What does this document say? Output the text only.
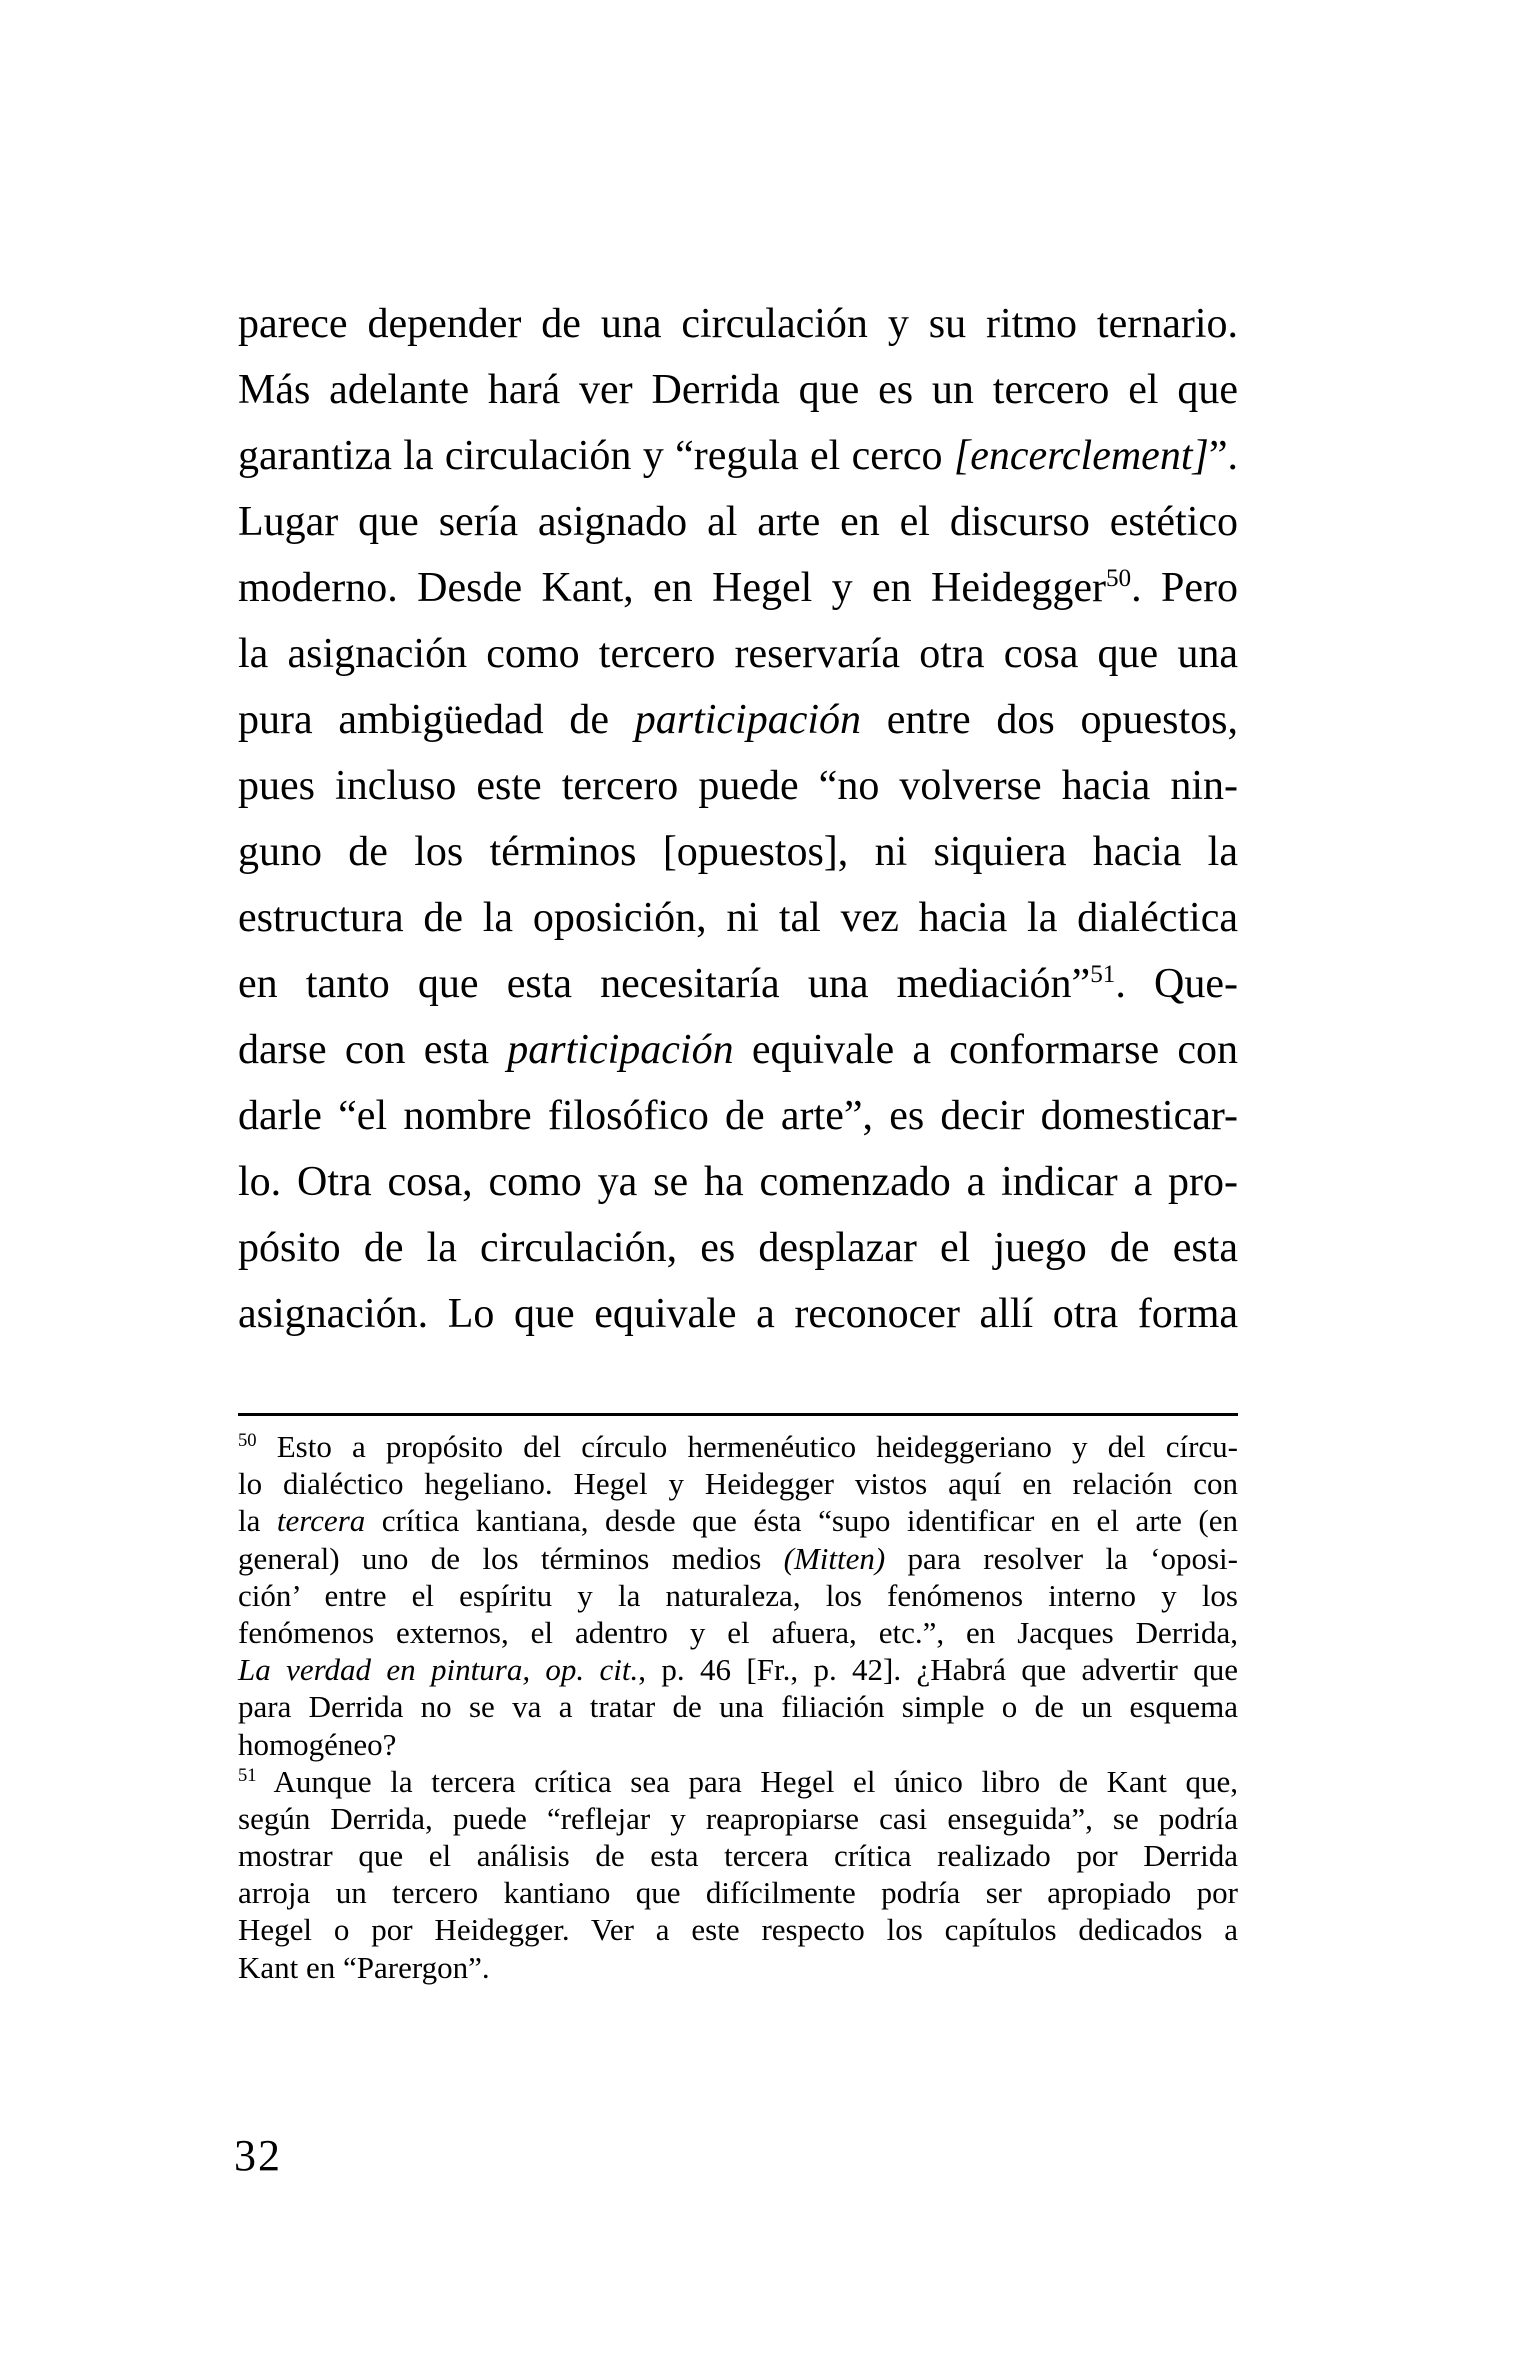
parece depender de una circulación y su ritmo ternario.
Más adelante hará ver Derrida que es un tercero el que
garantiza la circulación y “regula el cerco [encerclement]”.
Lugar que sería asignado al arte en el discurso estético
moderno. Desde Kant, en Hegel y en Heidegger$^{50}$. Pero
la asignación como tercero reservaría otra cosa que una
pura ambigüedad de participación entre dos opuestos,
pues incluso este tercero puede “no volverse hacia nin-
guno de los términos [opuestos], ni siquiera hacia la
estructura de la oposición, ni tal vez hacia la dialéctica
en tanto que esta necesitaría una mediación”$^{51}$. Que-
darse con esta participación equivale a conformarse con
darle “el nombre filosófico de arte”, es decir domesticar-
lo. Otra cosa, como ya se ha comenzado a indicar a pro-
pósito de la circulación, es desplazar el juego de esta
asignación. Lo que equivale a reconocer allí otra forma
$^{50}$ Esto a propósito del círculo hermenéutico heideggeriano y del círcu-
lo dialéctico hegeliano. Hegel y Heidegger vistos aquí en relación con
la tercera crítica kantiana, desde que ésta “supo identificar en el arte (en
general) uno de los términos medios (Mitten) para resolver la ‘oposi-
ción’ entre el espíritu y la naturaleza, los fenómenos interno y los
fenómenos externos, el adentro y el afuera, etc.”, en Jacques Derrida,
La verdad en pintura, op. cit., p. 46 [Fr., p. 42]. ¿Habrá que advertir que
para Derrida no se va a tratar de una filiación simple o de un esquema
homogéneo?
$^{51}$ Aunque la tercera crítica sea para Hegel el único libro de Kant que,
según Derrida, puede “reflejar y reapropiarse casi enseguida”, se podría
mostrar que el análisis de esta tercera crítica realizado por Derrida
arroja un tercero kantiano que difícilmente podría ser apropiado por
Hegel o por Heidegger. Ver a este respecto los capítulos dedicados a
Kant en “Parergon”.
32
